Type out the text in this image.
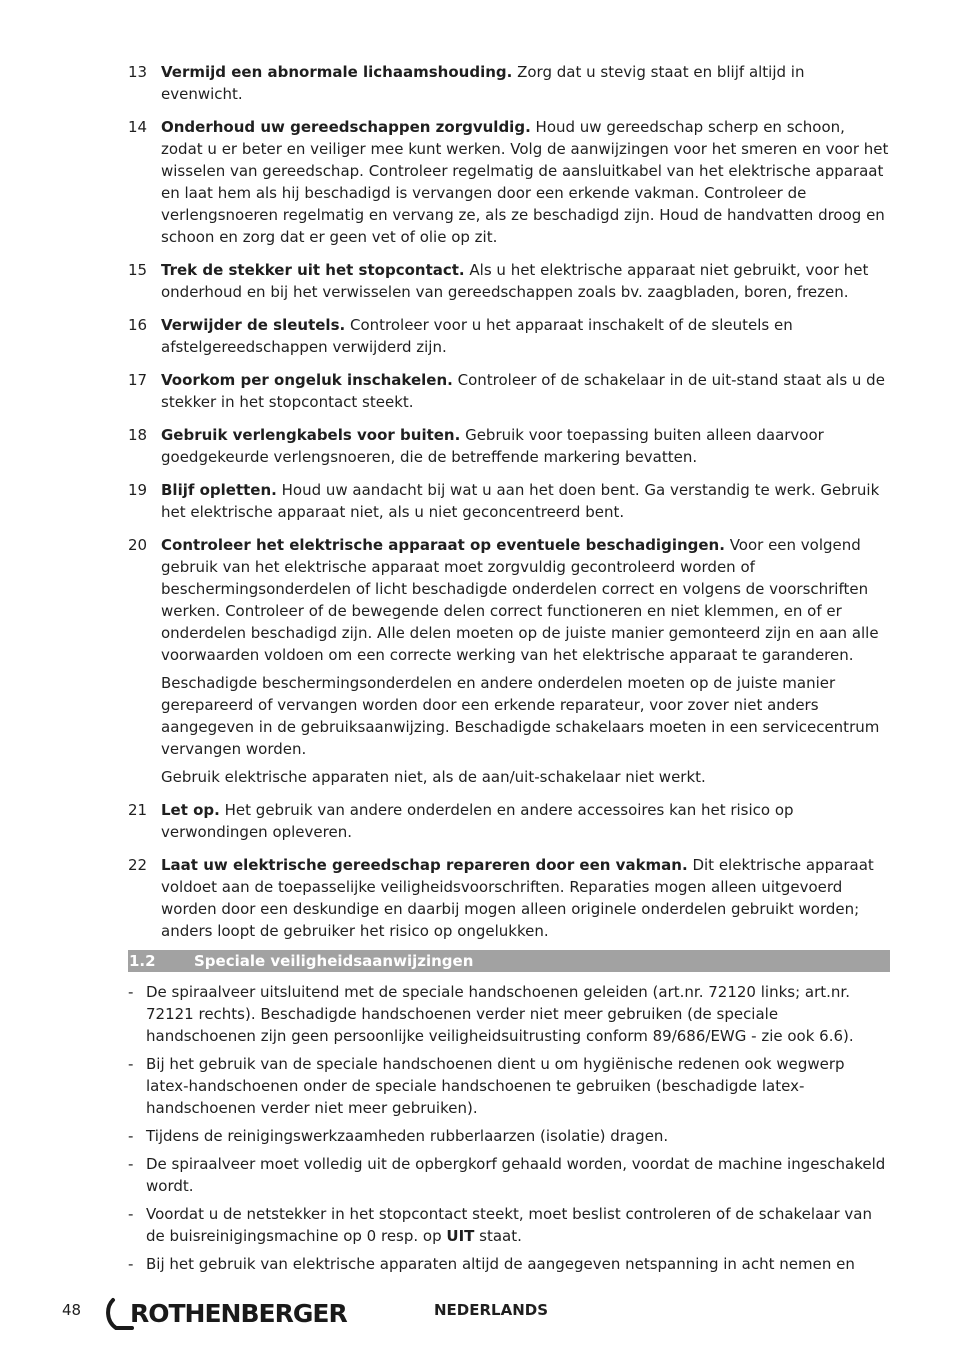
13 Vermijd een abnormale lichaamshouding. Zorg dat u stevig staat en blijf altijd in evenwicht.
14 Onderhoud uw gereedschappen zorgvuldig. Houd uw gereedschap scherp en schoon, zodat u er beter en veiliger mee kunt werken. Volg de aanwijzingen voor het smeren en voor het wisselen van gereedschap. Controleer regelmatig de aansluitkabel van het elektrische apparaat en laat hem als hij beschadigd is vervangen door een erkende vakman. Controleer de verlengsnoeren regelmatig en vervang ze, als ze beschadigd zijn. Houd de handvatten droog en schoon en zorg dat er geen vet of olie op zit.
15 Trek de stekker uit het stopcontact. Als u het elektrische apparaat niet gebruikt, voor het onderhoud en bij het verwisselen van gereedschappen zoals bv. zaagbladen, boren, frezen.
16 Verwijder de sleutels. Controleer voor u het apparaat inschakelt of de sleutels en afstelgereedschappen verwijderd zijn.
17 Voorkom per ongeluk inschakelen. Controleer of de schakelaar in de uit-stand staat als u de stekker in het stopcontact steekt.
18 Gebruik verlengkabels voor buiten. Gebruik voor toepassing buiten alleen daarvoor goedgekeurde verlengsnoeren, die de betreffende markering bevatten.
19 Blijf opletten. Houd uw aandacht bij wat u aan het doen bent. Ga verstandig te werk. Gebruik het elektrische apparaat niet, als u niet geconcentreerd bent.
20 Controleer het elektrische apparaat op eventuele beschadigingen. Voor een volgend gebruik van het elektrische apparaat moet zorgvuldig gecontroleerd worden of beschermingsonderdelen of licht beschadigde onderdelen correct en volgens de voorschriften werken. Controleer of de bewegende delen correct functioneren en niet klemmen, en of er onderdelen beschadigd zijn. Alle delen moeten op de juiste manier gemonteerd zijn en aan alle voorwaarden voldoen om een correcte werking van het elektrische apparaat te garanderen.

Beschadigde beschermingsonderdelen en andere onderdelen moeten op de juiste manier gerepareerd of vervangen worden door een erkende reparateur, voor zover niet anders aangegeven in de gebruiksaanwijzing. Beschadigde schakelaars moeten in een servicecentrum vervangen worden.

Gebruik elektrische apparaten niet, als de aan/uit-schakelaar niet werkt.

21 Let op. Het gebruik van andere onderdelen en andere accessoires kan het risico op verwondingen opleveren.
22 Laat uw elektrische gereedschap repareren door een vakman. Dit elektrische apparaat voldoet aan de toepasselijke veiligheidsvoorschriften. Reparaties mogen alleen uitgevoerd worden door een deskundige en daarbij mogen alleen originele onderdelen gebruikt worden; anders loopt de gebruiker het risico op ongelukken.
1.2	Speciale veiligheidsaanwijzingen
- De spiraalveer uitsluitend met de speciale handschoenen geleiden (art.nr. 72120 links; art.nr. 72121 rechts). Beschadigde handschoenen verder niet meer gebruiken (de speciale handschoenen zijn geen persoonlijke veiligheidsuitrusting conform 89/686/EWG - zie ook 6.6).
- Bij het gebruik van de speciale handschoenen dient u om hygiënische redenen ook wegwerp latex-handschoenen onder de speciale handschoenen te gebruiken (beschadigde latex-handschoenen verder niet meer gebruiken).
- Tijdens de reinigingswerkzaamheden rubberlaarzen (isolatie) dragen.
- De spiraalveer moet volledig uit de opbergkorf gehaald worden, voordat de machine ingeschakeld wordt.
- Voordat u de netstekker in het stopcontact steekt, moet beslist controleren of de schakelaar van de buisreinigingsmachine op 0 resp. op UIT staat.
- Bij het gebruik van elektrische apparaten altijd de aangegeven netspanning in acht nemen en
48 ROTHENBERGER	NEDERLANDS
